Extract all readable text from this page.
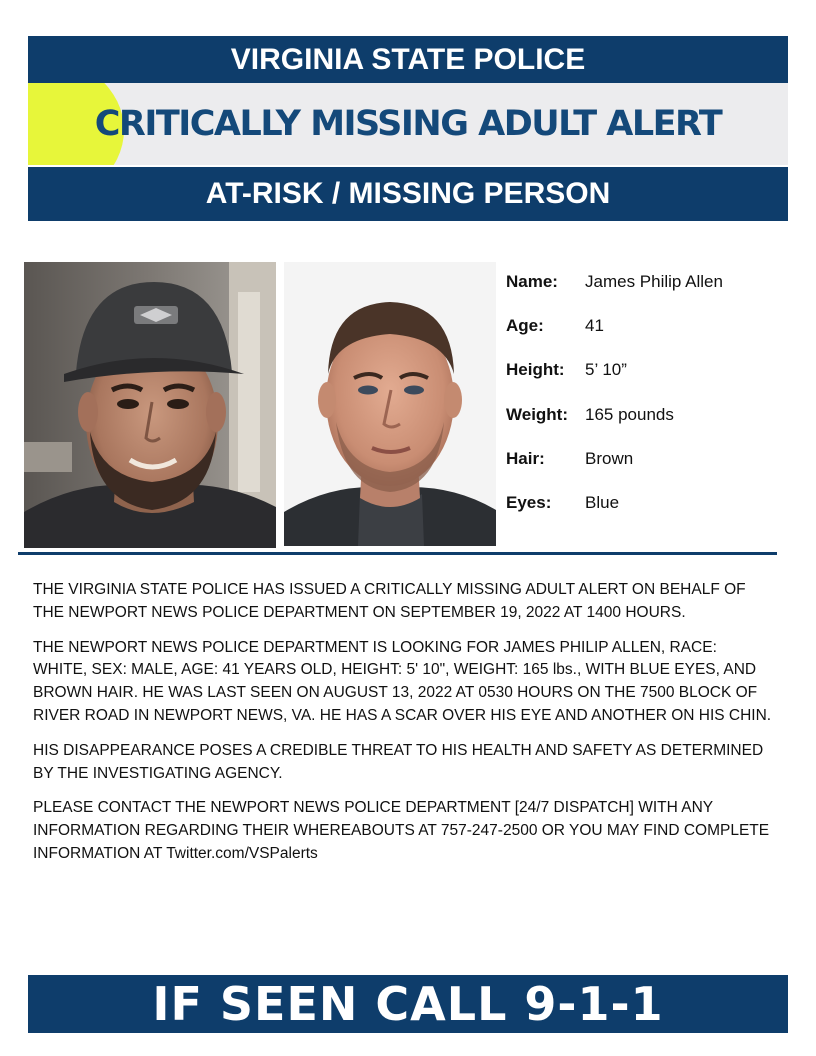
VIRGINIA STATE POLICE
CRITICALLY MISSING ADULT ALERT
AT-RISK / MISSING PERSON
Name:	James Philip Allen
Age:	41
Height:	5’ 10”
Weight:	165 pounds
Hair:	Brown
Eyes:	Blue

THE VIRGINIA STATE POLICE HAS ISSUED A CRITICALLY MISSING ADULT ALERT ON BEHALF OF THE NEWPORT NEWS POLICE DEPARTMENT ON SEPTEMBER 19, 2022 AT 1400 HOURS.

THE NEWPORT NEWS POLICE DEPARTMENT IS LOOKING FOR JAMES PHILIP ALLEN, RACE: WHITE, SEX: MALE, AGE: 41 YEARS OLD, HEIGHT: 5' 10", WEIGHT: 165 lbs., WITH BLUE EYES, AND BROWN HAIR. HE WAS LAST SEEN ON AUGUST 13, 2022 AT 0530 HOURS ON THE 7500 BLOCK OF RIVER ROAD IN NEWPORT NEWS, VA. HE HAS A SCAR OVER HIS EYE AND ANOTHER ON HIS CHIN.

HIS DISAPPEARANCE POSES A CREDIBLE THREAT TO HIS HEALTH AND SAFETY AS DETERMINED BY THE INVESTIGATING AGENCY.

PLEASE CONTACT THE NEWPORT NEWS POLICE DEPARTMENT [24/7 DISPATCH] WITH ANY INFORMATION REGARDING THEIR WHEREABOUTS AT 757-247-2500 OR YOU MAY FIND COMPLETE INFORMATION AT Twitter.com/VSPalerts

IF SEEN CALL 9-1-1
